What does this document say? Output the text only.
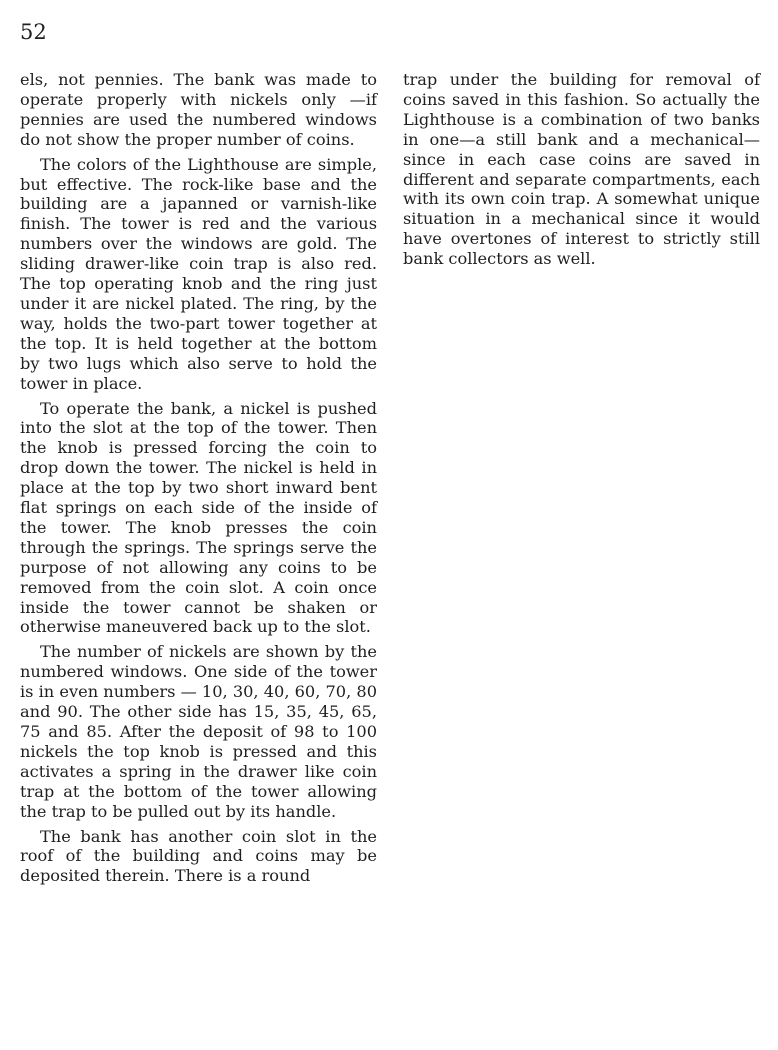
52

els, not pennies. The bank was made to operate properly with nickels only —if pennies are used the numbered windows do not show the proper number of coins.

The colors of the Lighthouse are simple, but effective. The rock-like base and the building are a japanned or varnish-like finish. The tower is red and the various numbers over the windows are gold. The sliding drawer-like coin trap is also red. The top operating knob and the ring just under it are nickel plated. The ring, by the way, holds the two-part tower together at the top. It is held together at the bottom by two lugs which also serve to hold the tower in place.

To operate the bank, a nickel is pushed into the slot at the top of the tower. Then the knob is pressed forcing the coin to drop down the tower. The nickel is held in place at the top by two short inward bent flat springs on each side of the inside of the tower. The knob presses the coin through the springs. The springs serve the purpose of not allowing any coins to be removed from the coin slot. A coin once inside the tower cannot be shaken or otherwise maneuvered back up to the slot.

The number of nickels are shown by the numbered windows. One side of the tower is in even numbers — 10, 30, 40, 60, 70, 80 and 90. The other side has 15, 35, 45, 65, 75 and 85. After the deposit of 98 to 100 nickels the top knob is pressed and this activates a spring in the drawer like coin trap at the bottom of the tower allowing the trap to be pulled out by its handle.

The bank has another coin slot in the roof of the building and coins may be deposited therein. There is a round

trap under the building for removal of coins saved in this fashion. So actually the Lighthouse is a combination of two banks in one—a still bank and a mechanical—since in each case coins are saved in different and separate compartments, each with its own coin trap. A somewhat unique situation in a mechanical since it would have overtones of interest to strictly still bank collectors as well.
